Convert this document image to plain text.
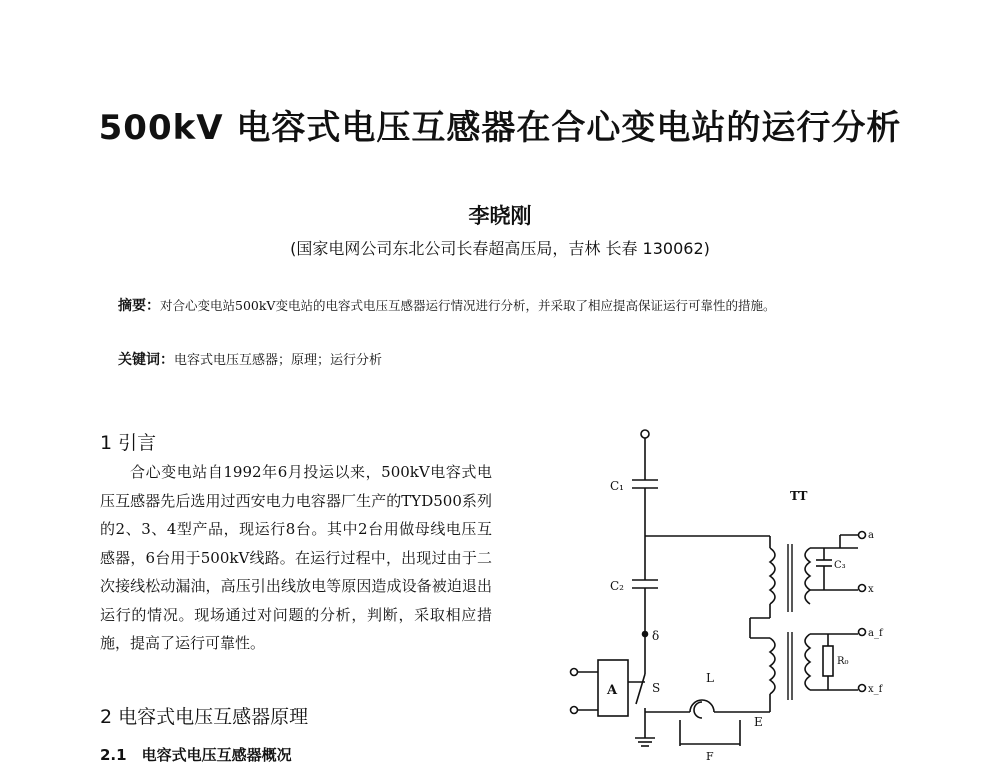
500kV 电容式电压互感器在合心变电站的运行分析
李晓刚
(国家电网公司东北公司长春超高压局，吉林 长春 130062)
摘要：对合心变电站500kV变电站的电容式电压互感器运行情况进行分析，并采取了相应提高保证运行可靠性的措施。
关键词：电容式电压互感器；原理；运行分析
1 引言
合心变电站自1992年6月投运以来，500kV电容式电压互感器先后选用过西安电力电容器厂生产的TYD500系列的2、3、4型产品，现运行8台。其中2台用做母线电压互感器，6台用于500kV线路。在运行过程中，出现过由于二次接线松动漏油，高压引出线放电等原因造成设备被迫退出运行的情况。现场通过对问题的分析，判断，采取相应措施，提高了运行可靠性。
2 电容式电压互感器原理
2.1　电容式电压互感器概况
C₁
C₂
δ
S
A
L
E
F
TT
a
x
C₃
a_f
x_f
R₀
